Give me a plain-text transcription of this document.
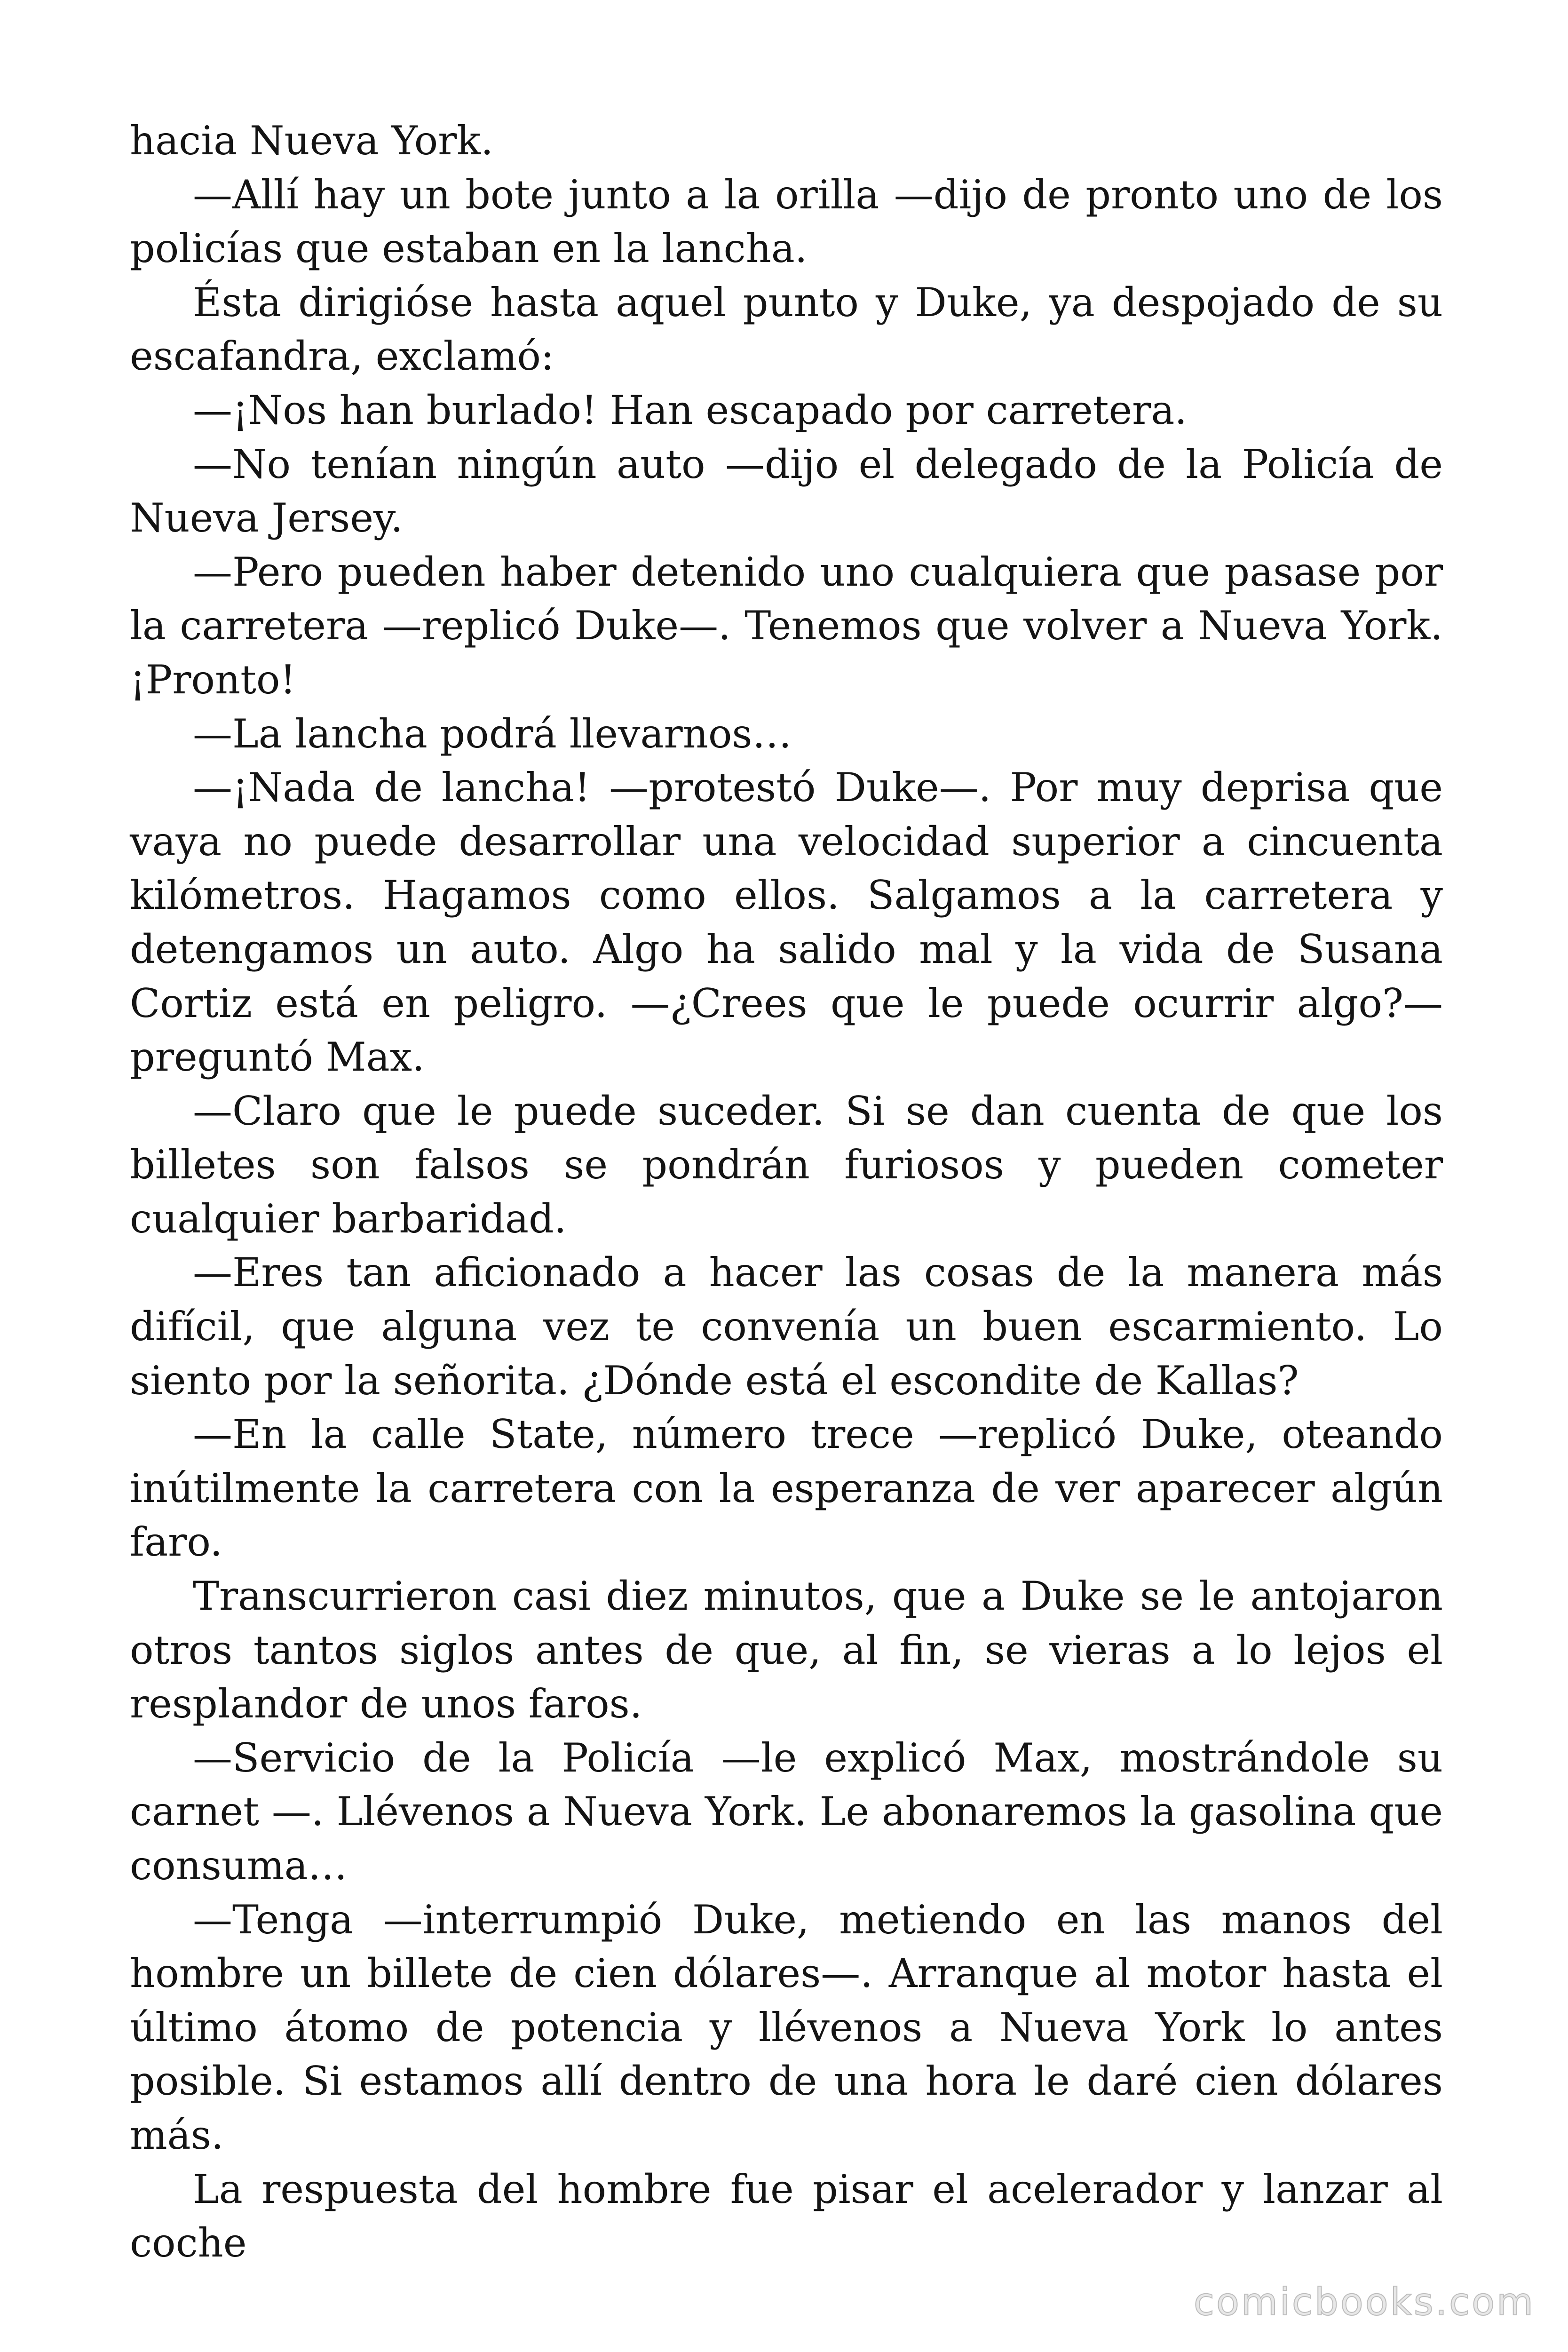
hacia Nueva York.

—Allí hay un bote junto a la orilla —dijo de pronto uno de los policías que estaban en la lancha.

Ésta dirigióse hasta aquel punto y Duke, ya despojado de su escafandra, exclamó:

—¡Nos han burlado! Han escapado por carretera.

—No tenían ningún auto —dijo el delegado de la Policía de Nueva Jersey.

—Pero pueden haber detenido uno cualquiera que pasase por la carretera —replicó Duke—. Tenemos que volver a Nueva York. ¡Pronto!

—La lancha podrá llevarnos…

—¡Nada de lancha! —protestó Duke—. Por muy deprisa que vaya no puede desarrollar una velocidad superior a cincuenta kilómetros. Hagamos como ellos. Salgamos a la carretera y detengamos un auto. Algo ha salido mal y la vida de Susana Cortiz está en peligro. —¿Crees que le puede ocurrir algo?— preguntó Max.

—Claro que le puede suceder. Si se dan cuenta de que los billetes son falsos se pondrán furiosos y pueden cometer cualquier barbaridad.

—Eres tan aficionado a hacer las cosas de la manera más difícil, que alguna vez te convenía un buen escarmiento. Lo siento por la señorita. ¿Dónde está el escondite de Kallas?

—En la calle State, número trece —replicó Duke, oteando inútilmente la carretera con la esperanza de ver aparecer algún faro.

Transcurrieron casi diez minutos, que a Duke se le antojaron otros tantos siglos antes de que, al fin, se vieras a lo lejos el resplandor de unos faros.

—Servicio de la Policía —le explicó Max, mostrándole su carnet —. Llévenos a Nueva York. Le abonaremos la gasolina que consuma…

—Tenga —interrumpió Duke, metiendo en las manos del hombre un billete de cien dólares—. Arranque al motor hasta el último átomo de potencia y llévenos a Nueva York lo antes posible. Si estamos allí dentro de una hora le daré cien dólares más.

La respuesta del hombre fue pisar el acelerador y lanzar al coche

comicbooks.com
